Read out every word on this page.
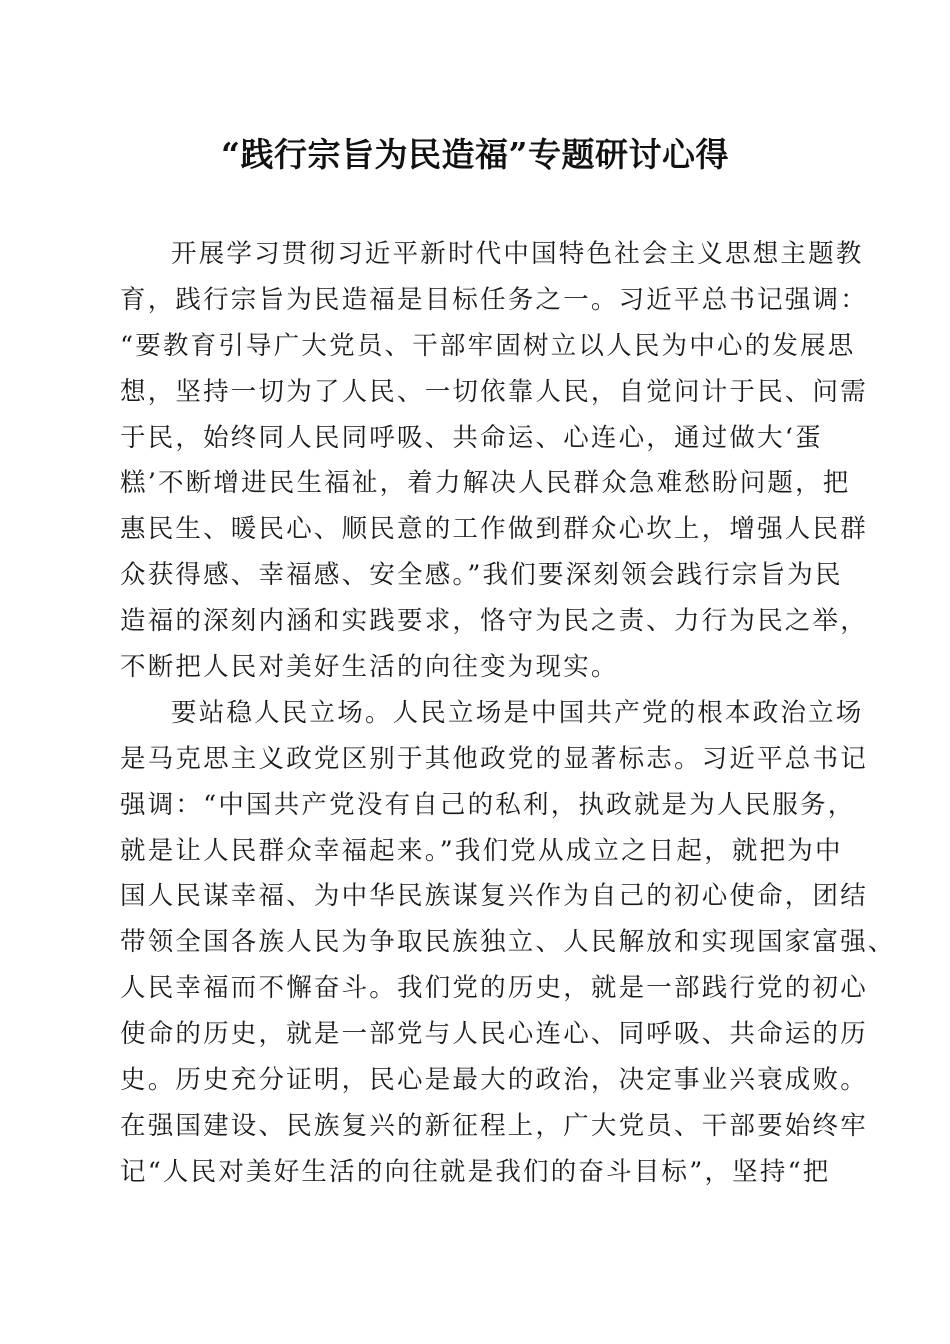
“践行宗旨为民造福”专题研讨心得
开展学习贯彻习近平新时代中国特色社会主义思想主题教
育，践行宗旨为民造福是目标任务之一。习近平总书记强调：
“要教育引导广大党员、干部牢固树立以人民为中心的发展思
想，坚持一切为了人民、一切依靠人民，自觉问计于民、问需
于民，始终同人民同呼吸、共命运、心连心，通过做大‘蛋
糕’不断增进民生福祉，着力解决人民群众急难愁盼问题，把
惠民生、暖民心、顺民意的工作做到群众心坎上，增强人民群
众获得感、幸福感、安全感。”我们要深刻领会践行宗旨为民
造福的深刻内涵和实践要求，恪守为民之责、力行为民之举，
不断把人民对美好生活的向往变为现实。
要站稳人民立场。人民立场是中国共产党的根本政治立场
是马克思主义政党区别于其他政党的显著标志。习近平总书记
强调：“中国共产党没有自己的私利，执政就是为人民服务，
就是让人民群众幸福起来。”我们党从成立之日起，就把为中
国人民谋幸福、为中华民族谋复兴作为自己的初心使命，团结
带领全国各族人民为争取民族独立、人民解放和实现国家富强、
人民幸福而不懈奋斗。我们党的历史，就是一部践行党的初心
使命的历史，就是一部党与人民心连心、同呼吸、共命运的历
史。历史充分证明，民心是最大的政治，决定事业兴衰成败。
在强国建设、民族复兴的新征程上，广大党员、干部要始终牢
记“人民对美好生活的向往就是我们的奋斗目标”，坚持“把
